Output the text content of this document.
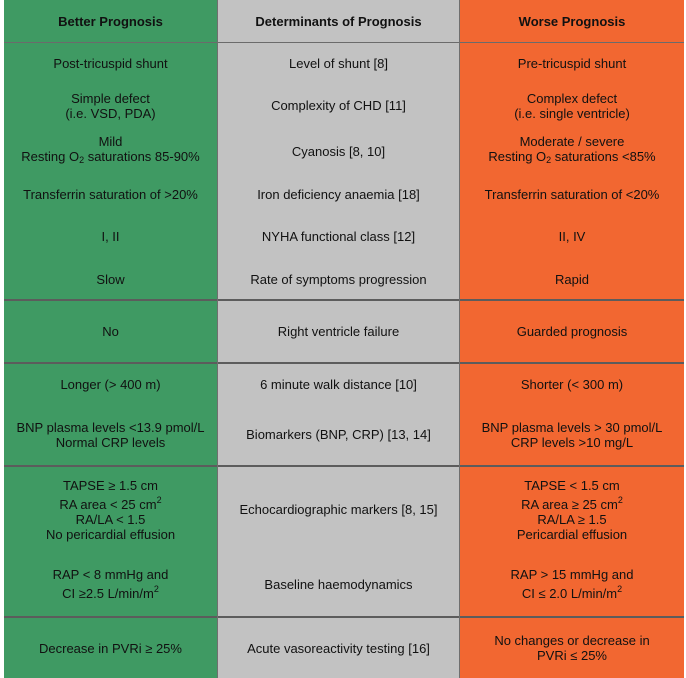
Better Prognosis
Post-tricuspid shunt
Simple defect
(i.e. VSD, PDA)
Mild
Resting $O_2$ saturations 85-90%
Transferrin saturation of >20%
I, II
Slow
No
Longer (> 400 m)
BNP plasma levels <13.9 pmol/L
Normal CRP levels
TAPSE ≥ 1.5 cm
RA area < 25 $cm^2$
RA/LA < 1.5
No pericardial effusion
RAP < 8 mmHg and
CI ≥2.5 $L/\min/m^2$
Decrease in PVRi ≥ 25%
Determinants of Prognosis
Level of shunt [8]
Complexity of CHD [11]
Cyanosis [8, 10]
Iron deficiency anaemia [18]
NYHA functional class [12]
Rate of symptoms progression
Right ventricle failure
6 minute walk distance [10]
Biomarkers (BNP, CRP) [13, 14]
Echocardiographic markers [8, 15]
Baseline haemodynamics
Acute vasoreactivity testing [16]
Worse Prognosis
Pre-tricuspid shunt
Complex defect
(i.e. single ventricle)
Moderate / severe
Resting $O_2$ saturations <85%
Transferrin saturation of <20%
II, IV
Rapid
Guarded prognosis
Shorter (< 300 m)
BNP plasma levels > 30 pmol/L
CRP levels >10 mg/L
TAPSE < 1.5 cm
RA area ≥ 25 $cm^2$
RA/LA ≥ 1.5
Pericardial effusion
RAP > 15 mmHg and
CI ≤ 2.0 $L/\min/m^2$
No changes or decrease in
PVRi ≤ 25%
